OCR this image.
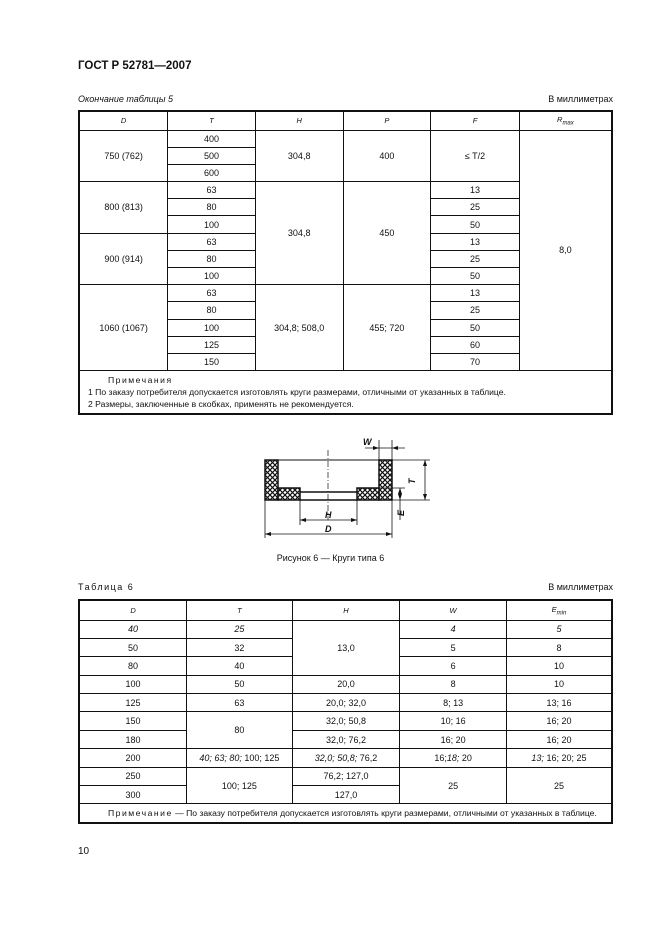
ГОСТ Р 52781—2007
Окончание таблицы 5	В миллиметрах
D	T	H	P	F	$R_{max}$
750 (762)	400	304,8	400	≤ T/2	8,0
	500				
	600				
800 (813)	63	304,8	450	13	
	80			25	
	100			50	
900 (914)	63			13	
	80			25	
	100			50	
1060 (1067)	63	304,8; 508,0	455; 720	13	
	80			25	
	100			50	
	125			60	
	150			70	

Примечания
1 По заказу потребителя допускается изготовлять круги размерами, отличными от указанных в таблице.
2 Размеры, заключенные в скобках, применять не рекомендуется.					
W
T
E
H
D
Рисунок 6 — Круги типа 6
Таблица 6	В миллиметрах
D	T	H	W	$E_{min}$
40	25	13,0	4	5
50	32		5	8
80	40		6	10
100	50	20,0	8	10
125	63	20,0; 32,0	8; 13	13; 16
150	80	32,0; 50,8	10; 16	16; 20
180		32,0; 76,2	16; 20	16; 20
200	40; 63; 80; 100; 125	32,0; 50,8; 76,2	16;18; 20	13; 16; 20; 25
250	100; 125	76,2; 127,0	25	25
300		127,0		
Примечание — По заказу потребителя допускается изготовлять круги размерами, отличными от указанных в таблице.				
10
